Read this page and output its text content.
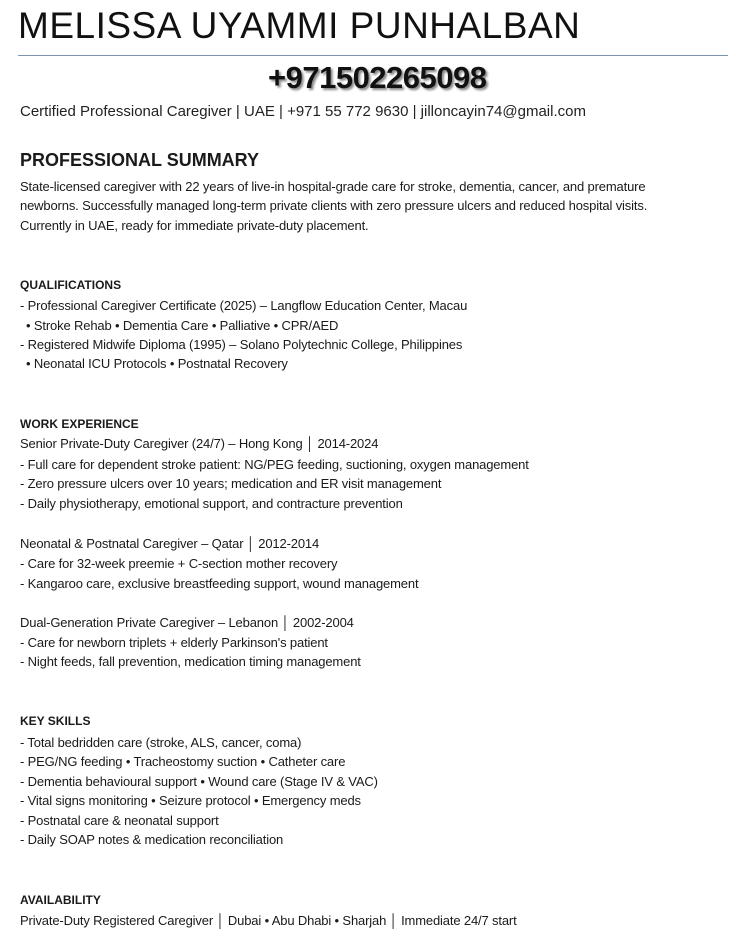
MELISSA UYAMMI PUNHALBAN
+971502265098
Certified Professional Caregiver | UAE | +971 55 772 9630 | jilloncayin74@gmail.com
PROFESSIONAL SUMMARY
State-licensed caregiver with 22 years of live-in hospital-grade care for stroke, dementia, cancer, and premature
newborns. Successfully managed long-term private clients with zero pressure ulcers and reduced hospital visits.
Currently in UAE, ready for immediate private-duty placement.
QUALIFICATIONS
- Professional Caregiver Certificate (2025) – Langflow Education Center, Macau
• Stroke Rehab • Dementia Care • Palliative • CPR/AED
- Registered Midwife Diploma (1995) – Solano Polytechnic College, Philippines
• Neonatal ICU Protocols • Postnatal Recovery
WORK EXPERIENCE
Senior Private-Duty Caregiver (24/7) – Hong Kong │ 2014-2024
- Full care for dependent stroke patient: NG/PEG feeding, suctioning, oxygen management
- Zero pressure ulcers over 10 years; medication and ER visit management
- Daily physiotherapy, emotional support, and contracture prevention
Neonatal & Postnatal Caregiver – Qatar │ 2012-2014
- Care for 32-week preemie + C-section mother recovery
- Kangaroo care, exclusive breastfeeding support, wound management
Dual-Generation Private Caregiver – Lebanon │ 2002-2004
- Care for newborn triplets + elderly Parkinson's patient
- Night feeds, fall prevention, medication timing management
KEY SKILLS
- Total bedridden care (stroke, ALS, cancer, coma)
- PEG/NG feeding • Tracheostomy suction • Catheter care
- Dementia behavioural support • Wound care (Stage IV & VAC)
- Vital signs monitoring • Seizure protocol • Emergency meds
- Postnatal care & neonatal support
- Daily SOAP notes & medication reconciliation
AVAILABILITY
Private-Duty Registered Caregiver │ Dubai • Abu Dhabi • Sharjah │ Immediate 24/7 start
